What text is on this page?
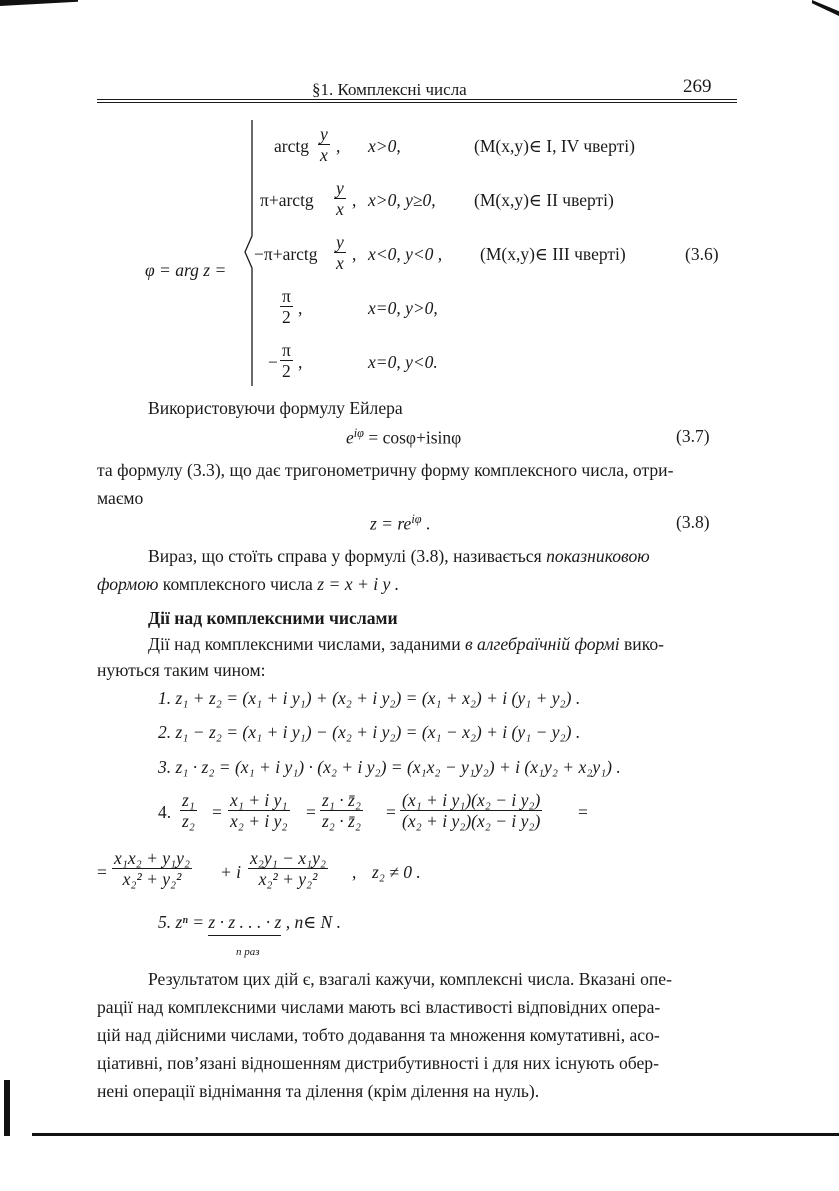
§1. Комплексні числа	269
φ = arg z =
arctg $\frac{y}{x}$ , x>0,	(M(x,y)∈ I, IV чверті)
π+arctg $\frac{y}{x}$ , x>0, y≥0, (M(x,y)∈ II чверті)
−π+arctg $\frac{y}{x}$ , x<0, y<0 , (M(x,y)∈ III чверті)	(3.6)
$\frac{\pi}{2}$ ,	x=0, y>0,
− $\frac{\pi}{2}$ ,	x=0, y<0.
Використовуючи формулу Ейлера
$e^{i\varphi} = \cos\varphi+isin\varphi$	(3.7)
та формулу (3.3), що дає тригонометричну форму комплексного числа, отри-
маємо
$z = re^{i\varphi}$ .	(3.8)
Вираз, що стоїть справа у формулі (3.8), називається показниковою
формою комплексного числа z = x + i y .
Дії над комплексними числами
Дії над комплексними числами, заданими в алгебраїчній формі вико-
нуються таким чином:
1. z₁ + z₂ = (x₁ + i y₁) + (x₂ + i y₂) = (x₁ + x₂) + i (y₁ + y₂) .
2. z₁ − z₂ = (x₁ + i y₁) − (x₂ + i y₂) = (x₁ − x₂) + i (y₁ − y₂) .
3. z₁ · z₂ = (x₁ + i y₁) · (x₂ + i y₂) = (x₁x₂ − y₁y₂) + i (x₁y₂ + x₂y₁) .
4. $\frac{\text{z₁}}{\text{z₂}} = \frac{\text{x₁ + i y₁}}{\text{x₂ + i y₂}} = \frac{\text{z₁ · z̄₂}}{\text{z₂ · z̄₂}} = \frac{\text{(x₁ + i y₁)(x₂ − i y₂)}}{\text{(x₂ + i y₂)(x₂ − i y₂)}}$ =
= $\frac{\text{x₁x₂ + y₁y₂}}{\text{x₂² + y₂²}} + i \frac{\text{x₂y₁ − x₁y₂}}{\text{x₂² + y₂²}}$ , z₂ ≠ 0 .
5. zⁿ = z · z . . . · z , n∈ N .
n раз
Результатом цих дій є, взагалі кажучи, комплексні числа. Вказані опе-
рації над комплексними числами мають всі властивості відповідних опера-
цій над дійсними числами, тобто додавання та множення комутативні, асо-
ціативні, пов’язані відношенням дистрибутивності і для них існують обер-
нені операції віднімання та ділення (крім ділення на нуль).
